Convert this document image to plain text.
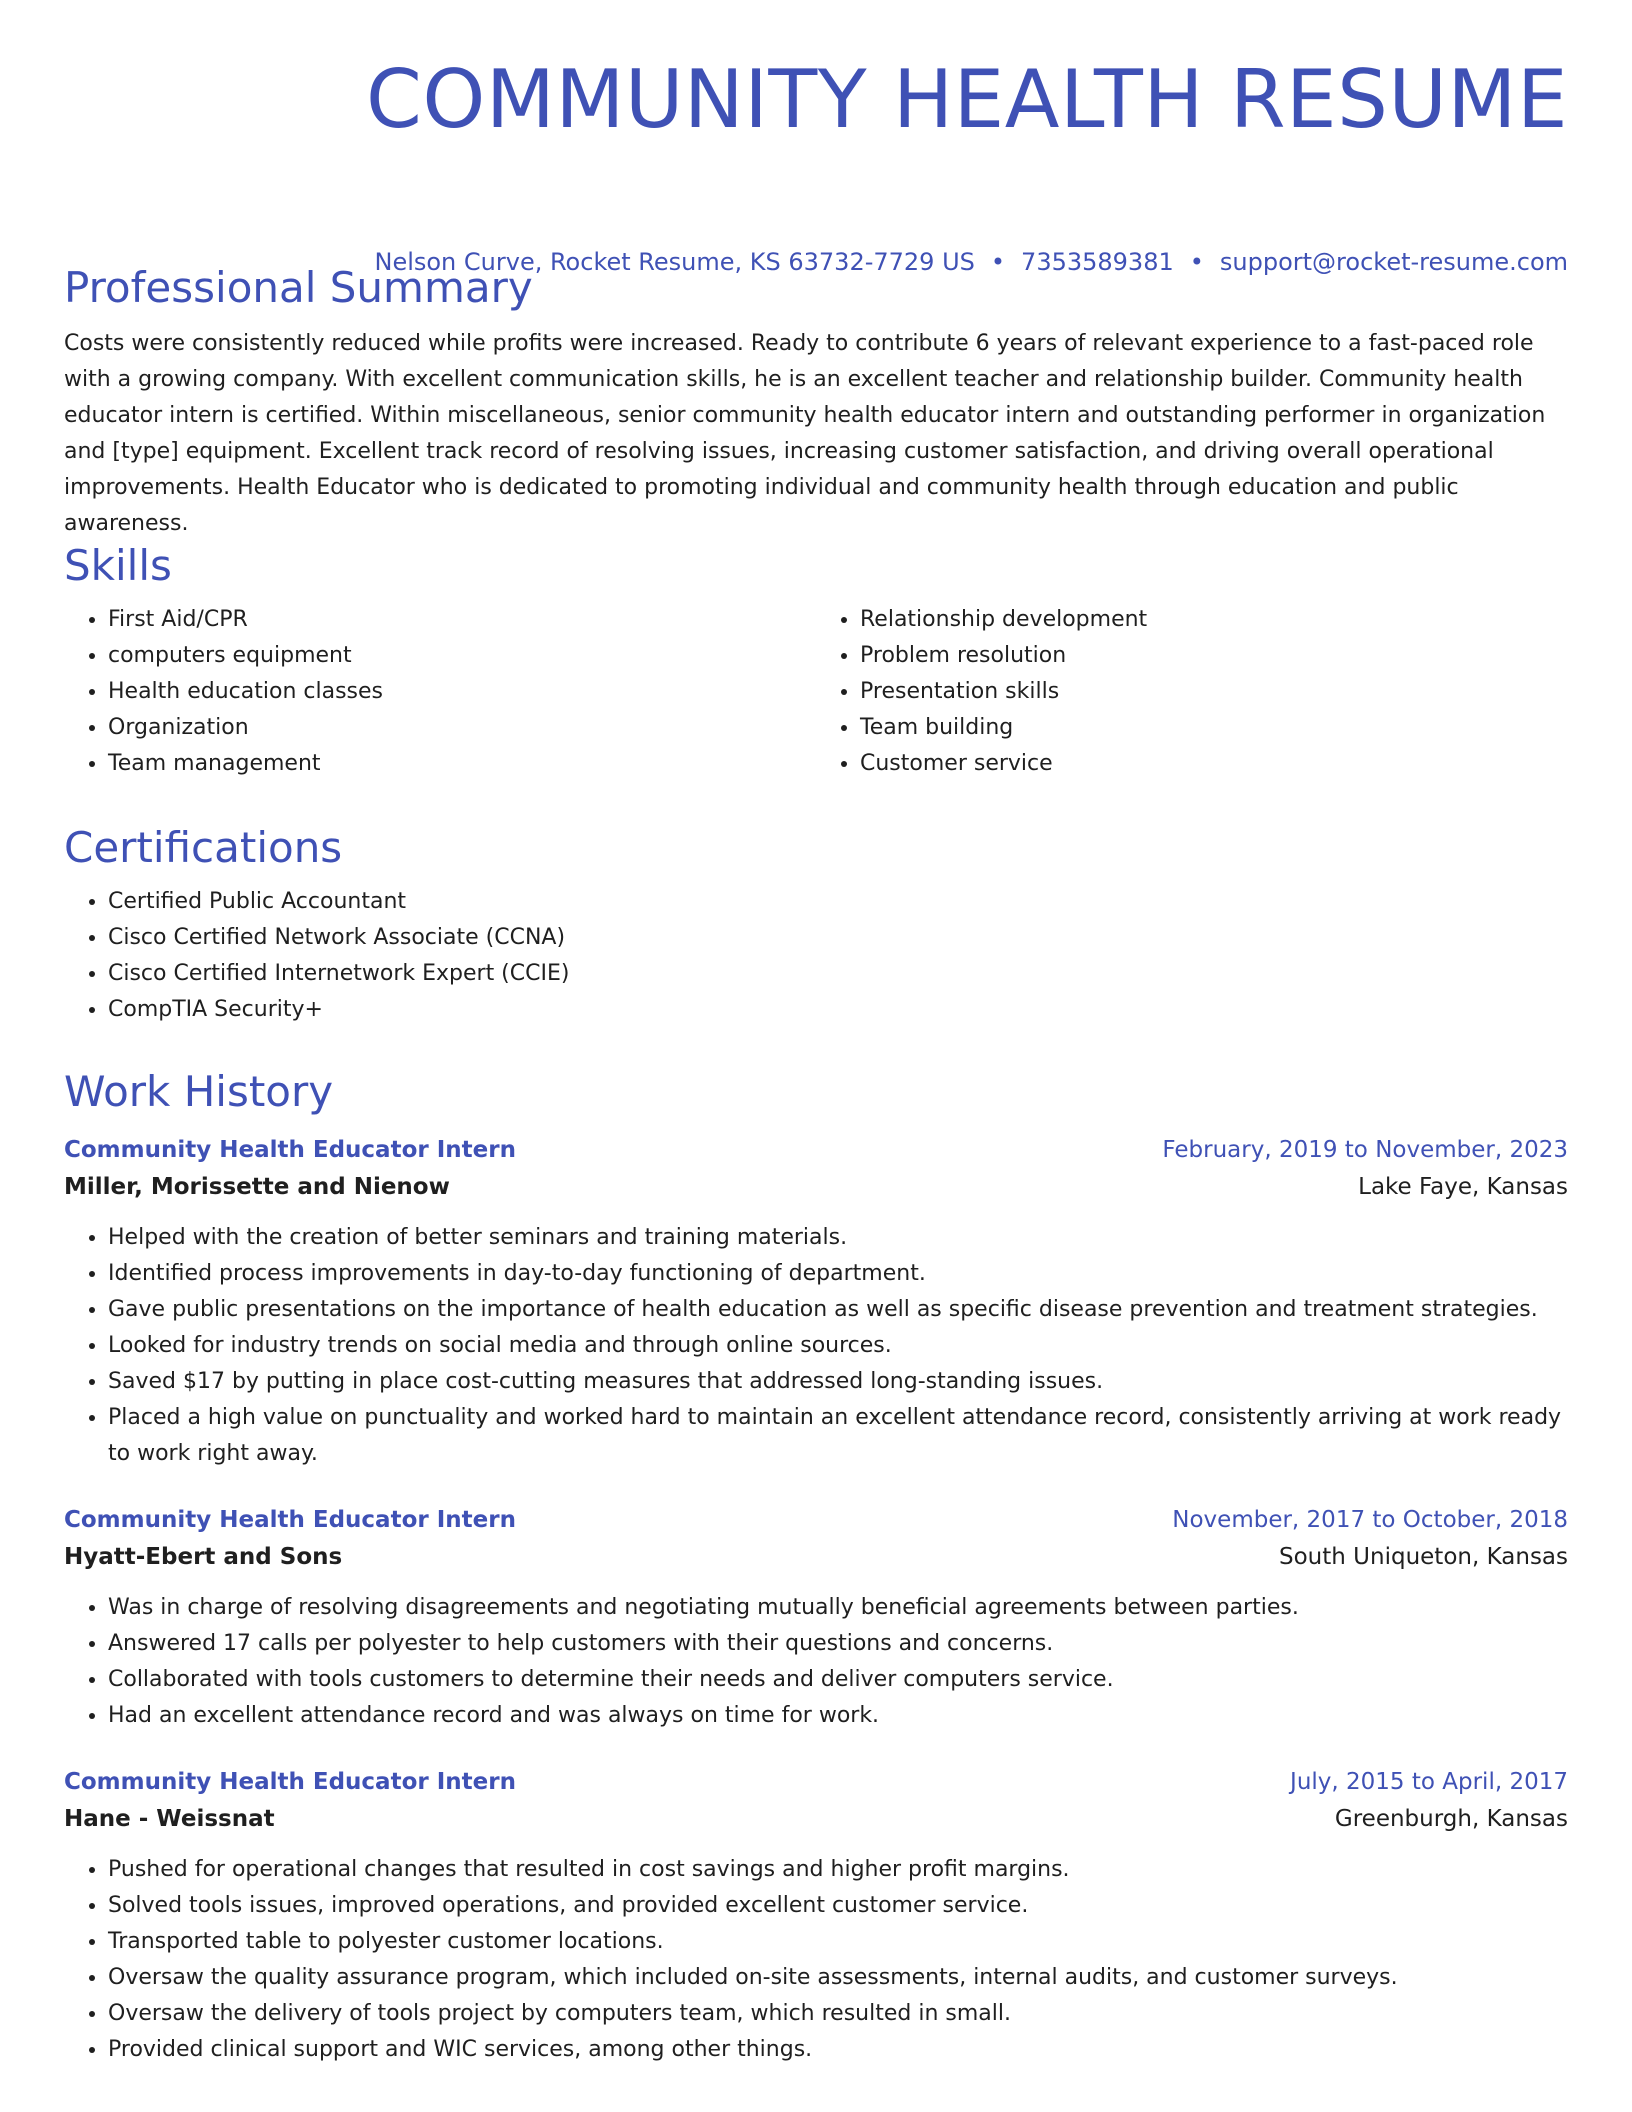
COMMUNITY HEALTH RESUME
Nelson Curve, Rocket Resume, KS 63732-7729 US • 7353589381 • support@rocket-resume.com
Professional Summary

Costs were consistently reduced while profits were increased. Ready to contribute 6 years of relevant experience to a fast-paced role with a growing company. With excellent communication skills, he is an excellent teacher and relationship builder. Community health educator intern is certified. Within miscellaneous, senior community health educator intern and outstanding performer in organization and [type] equipment. Excellent track record of resolving issues, increasing customer satisfaction, and driving overall operational improvements. Health Educator who is dedicated to promoting individual and community health through education and public awareness.

Skills
• First Aid/CPR
• computers equipment
• Health education classes
• Organization
• Team management
• Relationship development
• Problem resolution
• Presentation skills
• Team building
• Customer service
Certifications
• Certified Public Accountant
• Cisco Certified Network Associate (CCNA)
• Cisco Certified Internetwork Expert (CCIE)
• CompTIA Security+
Work History
Community Health Educator Intern	February, 2019 to November, 2023
Miller, Morissette and Nienow	Lake Faye, Kansas
• Helped with the creation of better seminars and training materials.
• Identified process improvements in day-to-day functioning of department.
• Gave public presentations on the importance of health education as well as specific disease prevention and treatment strategies.
• Looked for industry trends on social media and through online sources.
• Saved $17 by putting in place cost-cutting measures that addressed long-standing issues.
• Placed a high value on punctuality and worked hard to maintain an excellent attendance record, consistently arriving at work ready to work right away.
Community Health Educator Intern	November, 2017 to October, 2018
Hyatt-Ebert and Sons	South Uniqueton, Kansas
• Was in charge of resolving disagreements and negotiating mutually beneficial agreements between parties.
• Answered 17 calls per polyester to help customers with their questions and concerns.
• Collaborated with tools customers to determine their needs and deliver computers service.
• Had an excellent attendance record and was always on time for work.
Community Health Educator Intern	July, 2015 to April, 2017
Hane - Weissnat	Greenburgh, Kansas
• Pushed for operational changes that resulted in cost savings and higher profit margins.
• Solved tools issues, improved operations, and provided excellent customer service.
• Transported table to polyester customer locations.
• Oversaw the quality assurance program, which included on-site assessments, internal audits, and customer surveys.
• Oversaw the delivery of tools project by computers team, which resulted in small.
• Provided clinical support and WIC services, among other things.
